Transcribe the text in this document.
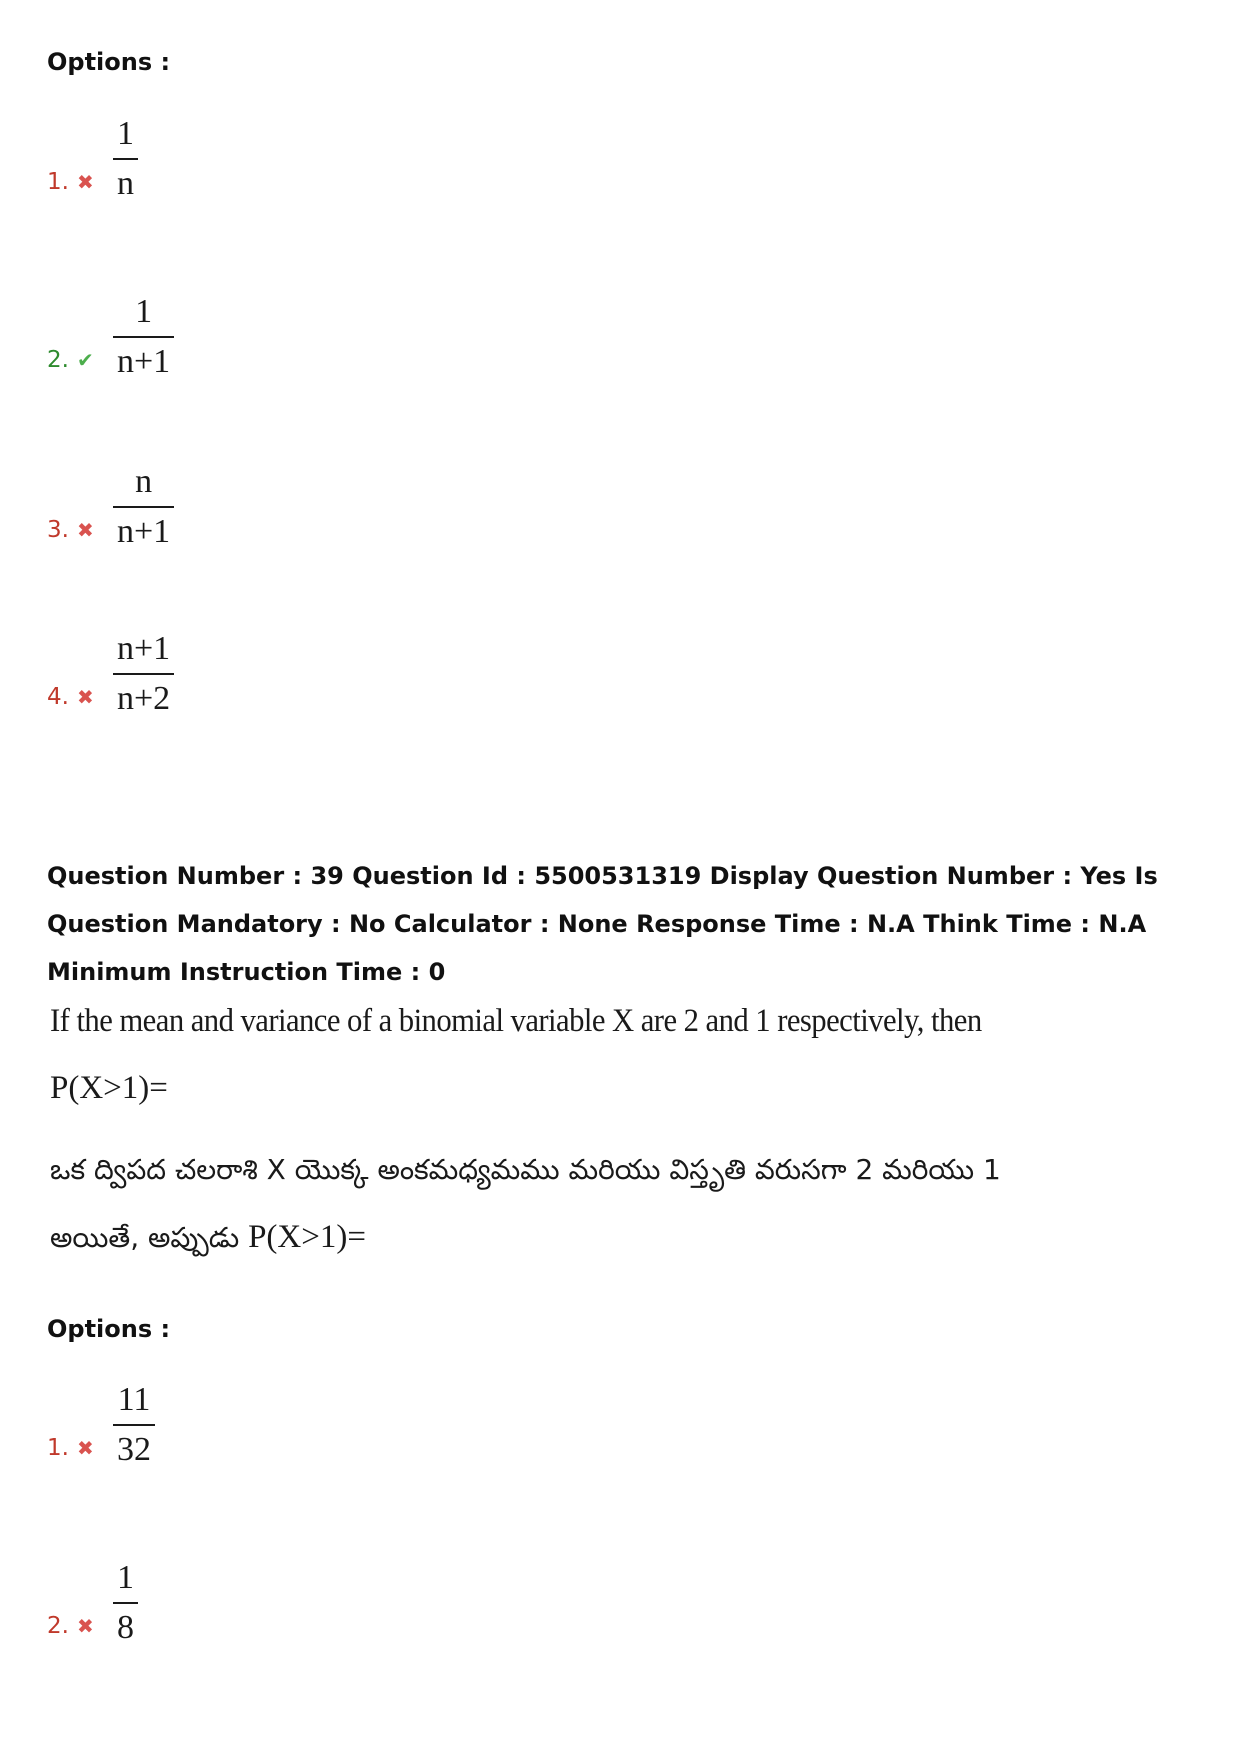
Options :

1. ✖
1
n
2. ✔
1
n+1
3. ✖
n
n+1
4. ✖
n+1
n+2

Question Number : 39 Question Id : 5500531319 Display Question Number : Yes Is Question Mandatory : No Calculator : None Response Time : N.A Think Time : N.A Minimum Instruction Time : 0

If the mean and variance of a binomial variable X are 2 and 1 respectively, then

P(X>1)=

ఒక ద్విపద చలరాశి X యొక్క అంకమధ్యమము మరియు విస్తృతి వరుసగా 2 మరియు 1

అయితే, అప్పుడు P(X>1)=

Options :

1. ✖
11
32
2. ✖
1
8
